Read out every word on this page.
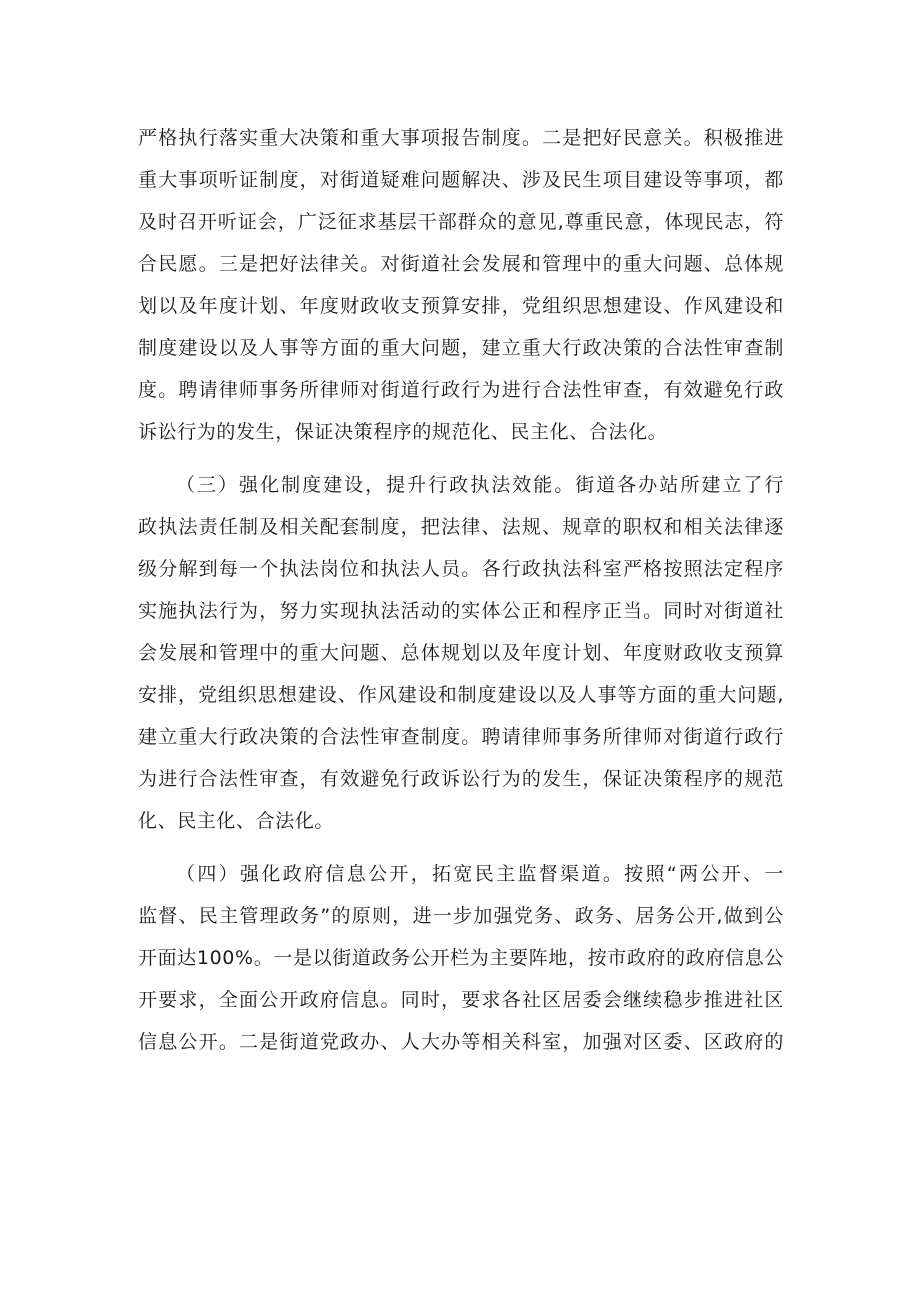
严格执行落实重大决策和重大事项报告制度。二是把好民意关。积极推进
重大事项听证制度，对街道疑难问题解决、涉及民生项目建设等事项，都
及时召开听证会，广泛征求基层干部群众的意见,尊重民意，体现民志，符
合民愿。三是把好法律关。对街道社会发展和管理中的重大问题、总体规
划以及年度计划、年度财政收支预算安排，党组织思想建设、作风建设和
制度建设以及人事等方面的重大问题，建立重大行政决策的合法性审查制
度。聘请律师事务所律师对街道行政行为进行合法性审查，有效避免行政
诉讼行为的发生，保证决策程序的规范化、民主化、合法化。
（三）强化制度建设，提升行政执法效能。街道各办站所建立了行
政执法责任制及相关配套制度，把法律、法规、规章的职权和相关法律逐
级分解到每一个执法岗位和执法人员。各行政执法科室严格按照法定程序
实施执法行为，努力实现执法活动的实体公正和程序正当。同时对街道社
会发展和管理中的重大问题、总体规划以及年度计划、年度财政收支预算
安排，党组织思想建设、作风建设和制度建设以及人事等方面的重大问题,
建立重大行政决策的合法性审查制度。聘请律师事务所律师对街道行政行
为进行合法性审查，有效避免行政诉讼行为的发生，保证决策程序的规范
化、民主化、合法化。
（四）强化政府信息公开，拓宽民主监督渠道。按照“两公开、一
监督、民主管理政务”的原则，进一步加强党务、政务、居务公开,做到公
开面达100%。一是以街道政务公开栏为主要阵地，按市政府的政府信息公
开要求，全面公开政府信息。同时，要求各社区居委会继续稳步推进社区
信息公开。二是街道党政办、人大办等相关科室，加强对区委、区政府的
